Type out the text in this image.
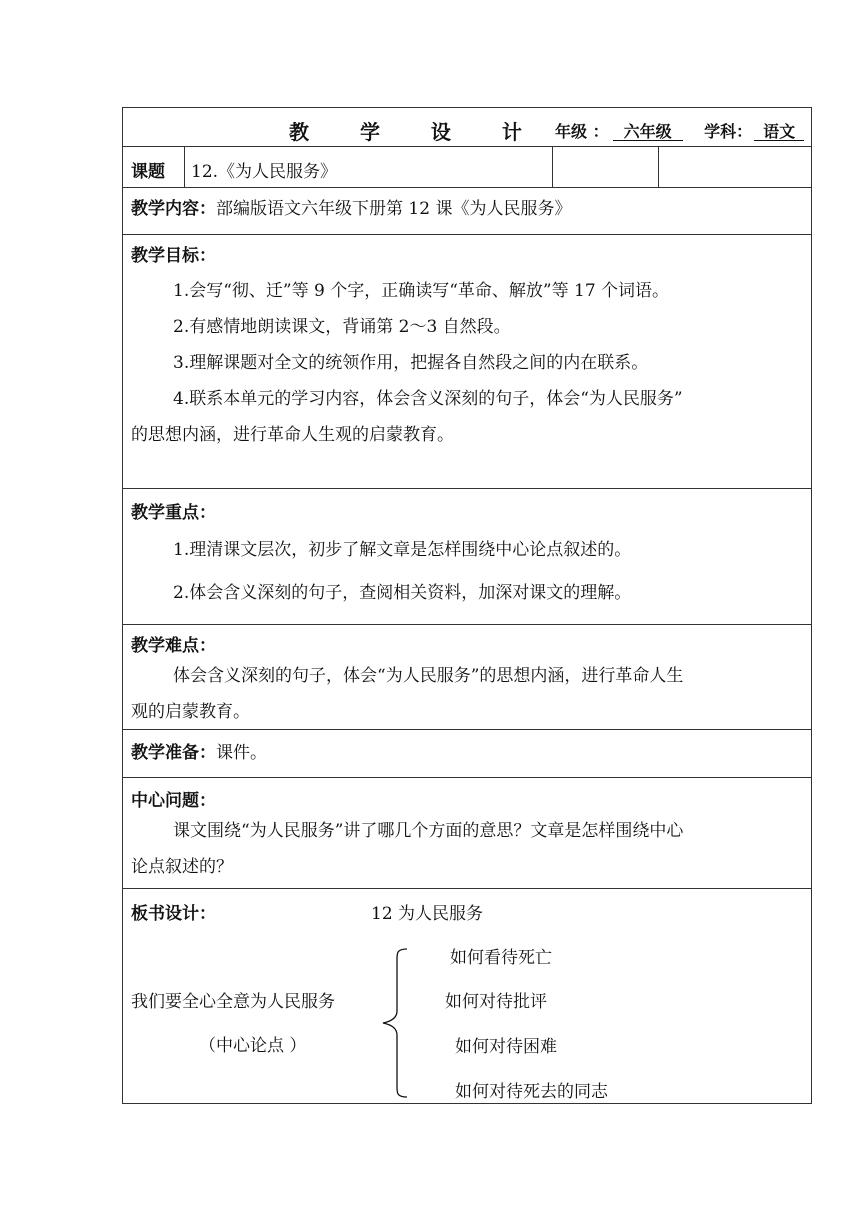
教 学 设 计 年级 ： 六年级 学科： 语文
课题	12.《为人民服务》
教学内容：部编版语文六年级下册第 12 课《为人民服务》
教学目标：

1.会写“彻、迁”等 9 个字，正确读写“革命、解放”等 17 个词语。

2.有感情地朗读课文，背诵第 2～3 自然段。

3.理解课题对全文的统领作用，把握各自然段之间的内在联系。

4.联系本单元的学习内容，体会含义深刻的句子，体会“为人民服务”

的思想内涵，进行革命人生观的启蒙教育。

教学重点：

1.理清课文层次，初步了解文章是怎样围绕中心论点叙述的。

2.体会含义深刻的句子，查阅相关资料，加深对课文的理解。

教学难点：

体会含义深刻的句子，体会“为人民服务”的思想内涵，进行革命人生

观的启蒙教育。

教学准备：课件。
中心问题：

课文围绕“为人民服务”讲了哪几个方面的意思？文章是怎样围绕中心

论点叙述的？

板书设计：	12 为人民服务
我们要全心全意为人民服务
（中心论点 ）
如何看待死亡
如何对待批评
如何对待困难
如何对待死去的同志
